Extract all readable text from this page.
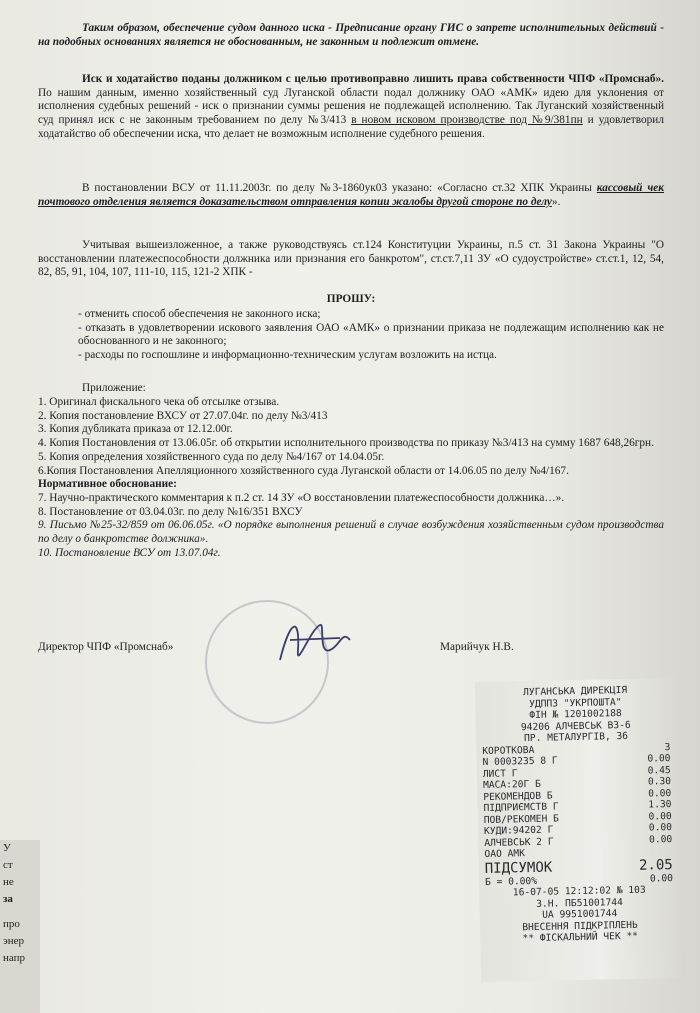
Таким образом, обеспечение судом данного иска - Предписание органу ГИС о запрете исполнительных действий - на подобных основаниях является не обоснованным, не законным и подлежит отмене.
Иск и ходатайство поданы должником с целью противоправно лишить права собственности ЧПФ «Промснаб». По нашим данным, именно хозяйственный суд Луганской области подал должнику ОАО «АМК» идею для уклонения от исполнения судебных решений - иск о признании суммы решения не подлежащей исполнению. Так Луганский хозяйственный суд принял иск с не законным требованием по делу №3/413 в новом исковом производстве под №9/381пн и удовлетворил ходатайство об обеспечении иска, что делает не возможным исполнение судебного решения.
В постановлении ВСУ от 11.11.2003г. по делу №3-1860ук03 указано: «Согласно ст.32 ХПК Украины кассовый чек почтового отделения является доказательством отправления копии жалобы другой стороне по делу».
Учитывая вышеизложенное, а также руководствуясь ст.124 Конституции Украины, п.5 ст. 31 Закона Украины "О восстановлении платежеспособности должника или признания его банкротом", ст.ст.7,11 ЗУ «О судоустройстве» ст.ст.1, 12, 54, 82, 85, 91, 104, 107, 111-10, 115, 121-2 ХПК -
ПРОШУ:
- отменить способ обеспечения не законного иска;
- отказать в удовлетворении искового заявления ОАО «АМК» о признании приказа не подлежащим исполнению как не обоснованного и не законного;
- расходы по госпошлине и информационно-техническим услугам возложить на истца.
Приложение:
1. Оригинал фискального чека об отсылке отзыва.
2. Копия постановление ВХСУ от 27.07.04г. по делу №3/413
3. Копия дубликата приказа от 12.12.00г.
4. Копия Постановления от 13.06.05г. об открытии исполнительного производства по приказу №3/413 на сумму 1687 648,26грн.
5. Копия определения хозяйственного суда по делу №4/167 от 14.04.05г.
6.Копия Постановления Апелляционного хозяйственного суда Луганской области от 14.06.05 по делу №4/167.
Нормативное обоснование:
7. Научно-практического комментария к п.2 ст. 14 ЗУ «О восстановлении платежеспособности должника…».
8. Постановление от 03.04.03г. по делу №16/351 ВХСУ
9. Письмо №25-32/859 от 06.06.05г. «О порядке выполнения решений в случае возбуждения хозяйственным судом производства по делу о банкротстве должника».
10. Постановление ВСУ от 13.07.04г.
Директор ЧПФ «Промснаб»	Марийчук Н.В.
У
ст
не
за
про
энер
напр
ЛУГАНСЬКА ДИРЕКЦІЯ
УДППЗ "УКРПОШТА"
ФІН № 1201002188
94206 АЛЧЕВСЬК ВЗ-6
ПР. МЕТАЛУРГІВ, 36
КОРОТКОВА	3
N 0003235 8 Г	0.00
ЛИСТ Г	0.45
МАСА:20Г Б	0.30
РЕКОМЕНДОВ Б	0.00
ПІДПРИЄМСТВ Г	1.30
ПОВ/РЕКОМЕН Б	0.00
КУДИ:94202 Г	0.00
АЛЧЕВСЬК 2 Г	0.00
ОАО АМК
ПІДСУМОК	2.05
Б = 0.00%	0.00
16-07-05 12:12:02 № 103
З.Н. ПБ51001744
UA 9951001744
ВНЕСЕННЯ ПІДКРІПЛЕНЬ
** ФІСКАЛЬНИЙ ЧЕК **
